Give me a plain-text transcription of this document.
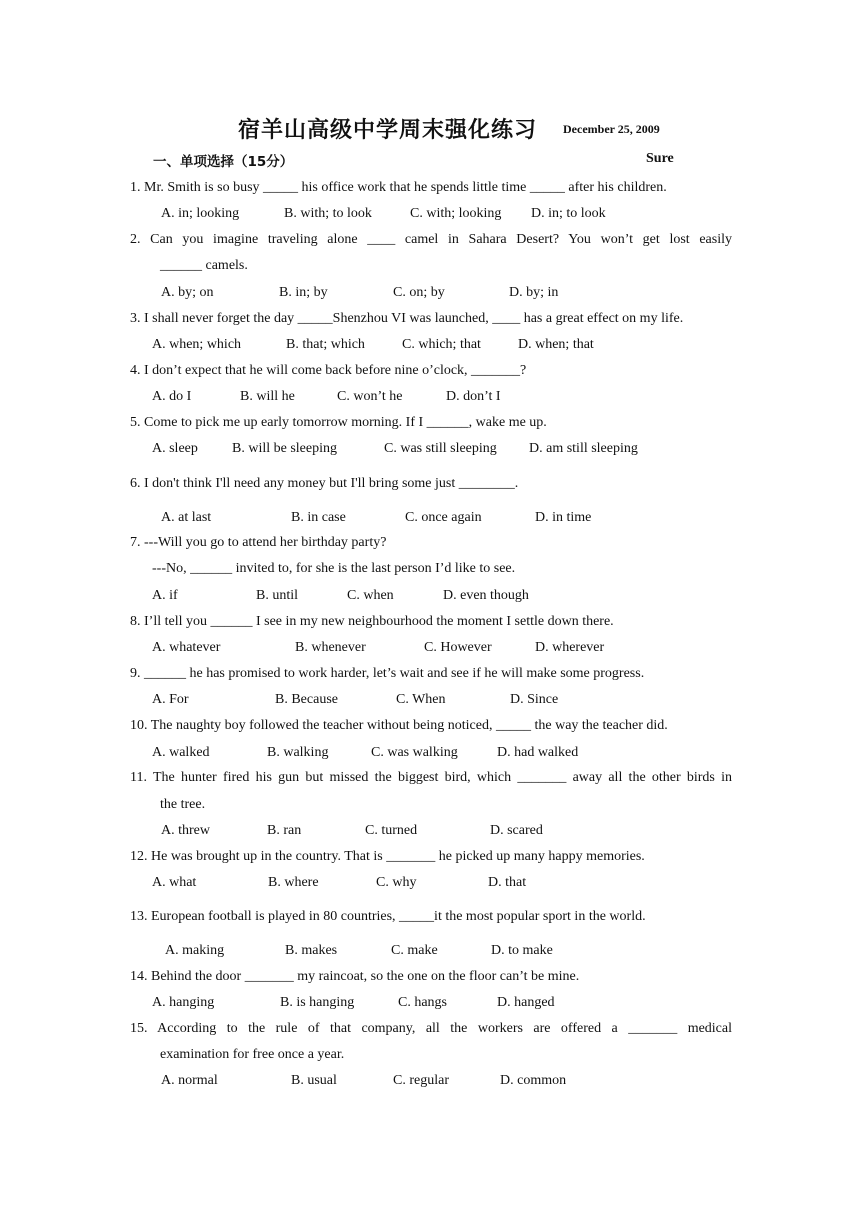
宿羊山高级中学周末强化练习 December 25, 2009
一、单项选择（15分）	Sure
1. Mr. Smith is so busy _____ his office work that he spends little time _____ after his children.
A. in; looking	B. with; to look	C. with; looking D. in; to look
2. Can you imagine traveling alone ____ camel in Sahara Desert? You won’t get lost easily
______ camels.
A. by; on	B. in; by	C. on; by	D. by; in
3. I shall never forget the day _____Shenzhou VI was launched, ____ has a great effect on my life.
A. when; which	B. that; which	C. which; that	D. when; that
4. I don’t expect that he will come back before nine o’clock, _______?
A. do I	B. will he	C. won’t he	D. don’t I
5. Come to pick me up early tomorrow morning. If I ______, wake me up.
A. sleep B. will be sleeping	C. was still sleeping D. am still sleeping
6. I don't think I'll need any money but I'll bring some just ________.
A. at last	B. in case	C. once again	D. in time
7. ---Will you go to attend her birthday party?
---No, ______ invited to, for she is the last person I’d like to see.
A. if	B. until	C. when	D. even though
8. I’ll tell you ______ I see in my new neighbourhood the moment I settle down there.
A. whatever	B. whenever	C. However	D. wherever
9. ______ he has promised to work harder, let’s wait and see if he will make some progress.
A. For	B. Because	C. When	D. Since
10. The naughty boy followed the teacher without being noticed, _____ the way the teacher did.
A. walked	B. walking	C. was walking	D. had walked
11. The hunter fired his gun but missed the biggest bird, which _______ away all the other birds in
the tree.
A. threw	B. ran	C. turned	D. scared
12. He was brought up in the country. That is _______ he picked up many happy memories.
A. what	B. where	C. why	D. that
13. European football is played in 80 countries, _____it the most popular sport in the world.
A. making	B. makes	C. make	D. to make
14. Behind the door _______ my raincoat, so the one on the floor can’t be mine.
A. hanging	B. is hanging	C. hangs	D. hanged
15. According to the rule of that company, all the workers are offered a _______ medical
examination for free once a year.
A. normal	B. usual	C. regular	D. common
